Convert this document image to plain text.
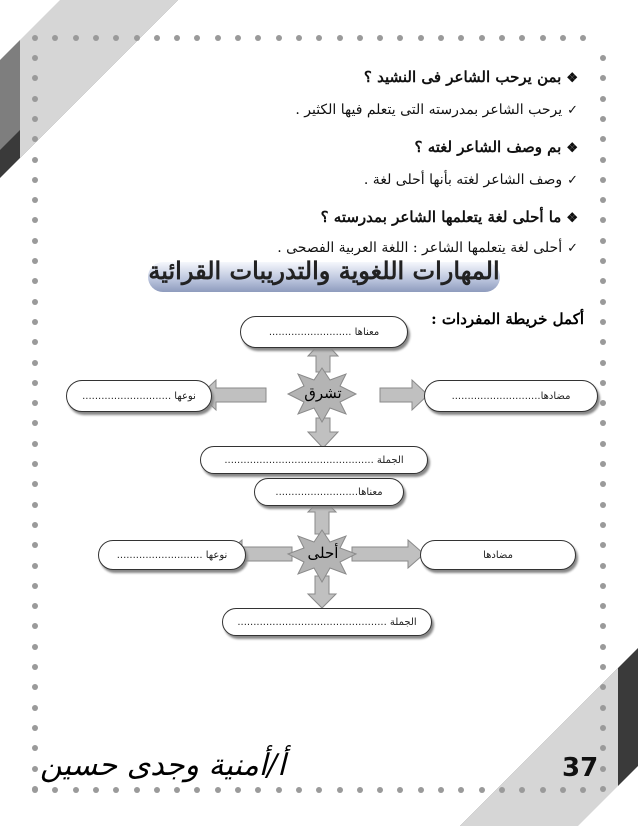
❖بمن يرحب الشاعر فى النشيد ؟
✓يرحب الشاعر بمدرسته التى يتعلم فيها الكثير .
❖بم وصف الشاعر لغته ؟
✓وصف الشاعر لغته بأنها أحلى لغة .
❖ما أحلى لغة يتعلمها الشاعر بمدرسته ؟
✓أحلى لغة يتعلمها الشاعر : اللغة العربية الفصحى .
المهارات اللغوية والتدريبات القرائية
أكمل خريطة المفردات :
تشرق
معناها ..........................
نوعها ............................	مضادها............................
الجملة ...............................................
أحلى
معناها..........................
نوعها ...........................	مضادها
الجملة ...............................................
37
أ/أمنية وجدى حسين
